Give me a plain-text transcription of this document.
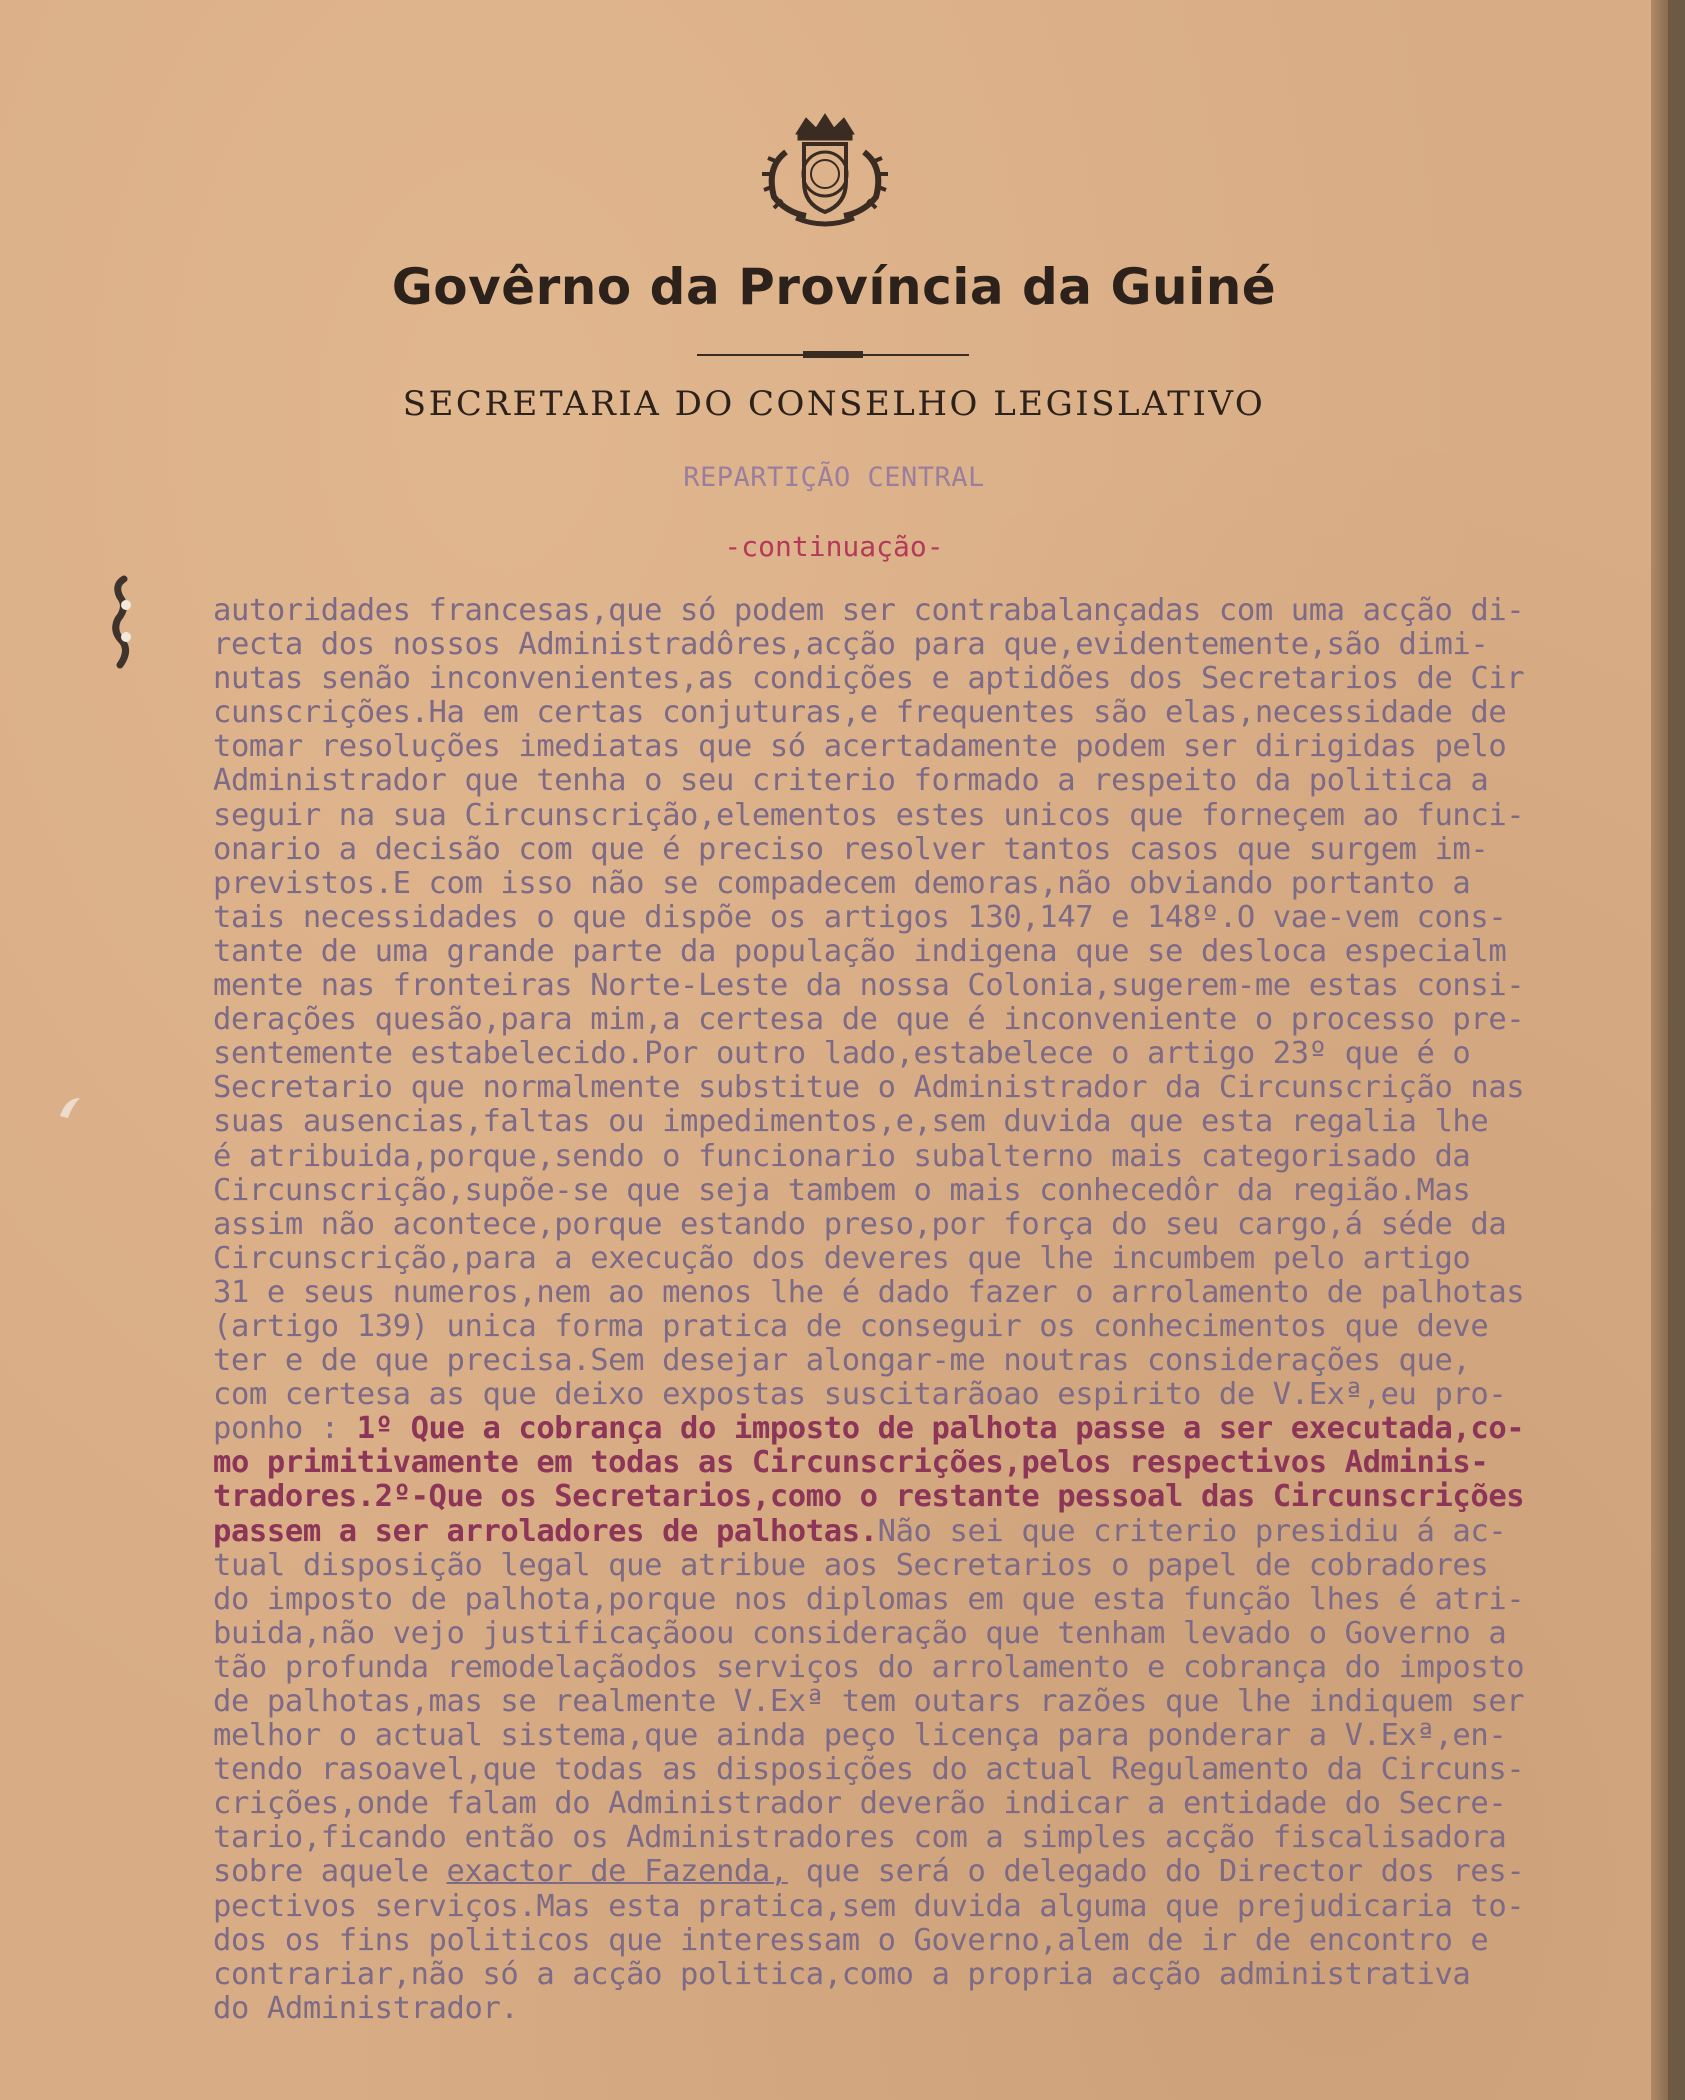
Govêrno da Província da Guiné
SECRETARIA DO CONSELHO LEGISLATIVO
REPARTIÇÃO CENTRAL
-continuação-
autoridades francesas,que só podem ser contrabalançadas com uma acção di-
recta dos nossos Administradôres,acção para que,evidentemente,são dimi-
nutas senão inconvenientes,as condições e aptidões dos Secretarios de Cir
cunscrições.Ha em certas conjuturas,e frequentes são elas,necessidade de
tomar resoluções imediatas que só acertadamente podem ser dirigidas pelo
Administrador que tenha o seu criterio formado a respeito da politica a
seguir na sua Circunscrição,elementos estes unicos que forneçem ao funci-
onario a decisão com que é preciso resolver tantos casos que surgem im-
previstos.E com isso não se compadecem demoras,não obviando portanto a
tais necessidades o que dispõe os artigos 130,147 e 148º.O vae-vem cons-
tante de uma grande parte da população indigena que se desloca especialm
mente nas fronteiras Norte-Leste da nossa Colonia,sugerem-me estas consi-
derações quesão,para mim,a certesa de que é inconveniente o processo pre-
sentemente estabelecido.Por outro lado,estabelece o artigo 23º que é o
Secretario que normalmente substitue o Administrador da Circunscrição nas
suas ausencias,faltas ou impedimentos,e,sem duvida que esta regalia lhe
é atribuida,porque,sendo o funcionario subalterno mais categorisado da
Circunscrição,supõe-se que seja tambem o mais conhecedôr da região.Mas
assim não acontece,porque estando preso,por força do seu cargo,á séde da
Circunscrição,para a execução dos deveres que lhe incumbem pelo artigo
31 e seus numeros,nem ao menos lhe é dado fazer o arrolamento de palhotas
(artigo 139) unica forma pratica de conseguir os conhecimentos que deve
ter e de que precisa.Sem desejar alongar-me noutras considerações que,
com certesa as que deixo expostas suscitarãoao espirito de V.Exª,eu pro-
ponho : 1º Que a cobrança do imposto de palhota passe a ser executada,co-
mo primitivamente em todas as Circunscrições,pelos respectivos Adminis-
tradores.2º-Que os Secretarios,como o restante pessoal das Circunscrições
passem a ser arroladores de palhotas.Não sei que criterio presidiu á ac-
tual disposição legal que atribue aos Secretarios o papel de cobradores
do imposto de palhota,porque nos diplomas em que esta função lhes é atri-
buida,não vejo justificaçãoou consideração que tenham levado o Governo a
tão profunda remodelaçãodos serviços do arrolamento e cobrança do imposto
de palhotas,mas se realmente V.Exª tem outars razões que lhe indiquem ser
melhor o actual sistema,que ainda peço licença para ponderar a V.Exª,en-
tendo rasoavel,que todas as disposições do actual Regulamento da Circuns-
crições,onde falam do Administrador deverão indicar a entidade do Secre-
tario,ficando então os Administradores com a simples acção fiscalisadora
sobre aquele exactor de Fazenda, que será o delegado do Director dos res-
pectivos serviços.Mas esta pratica,sem duvida alguma que prejudicaria to-
dos os fins politicos que interessam o Governo,alem de ir de encontro e
contrariar,não só a acção politica,como a propria acção administrativa
do Administrador.
